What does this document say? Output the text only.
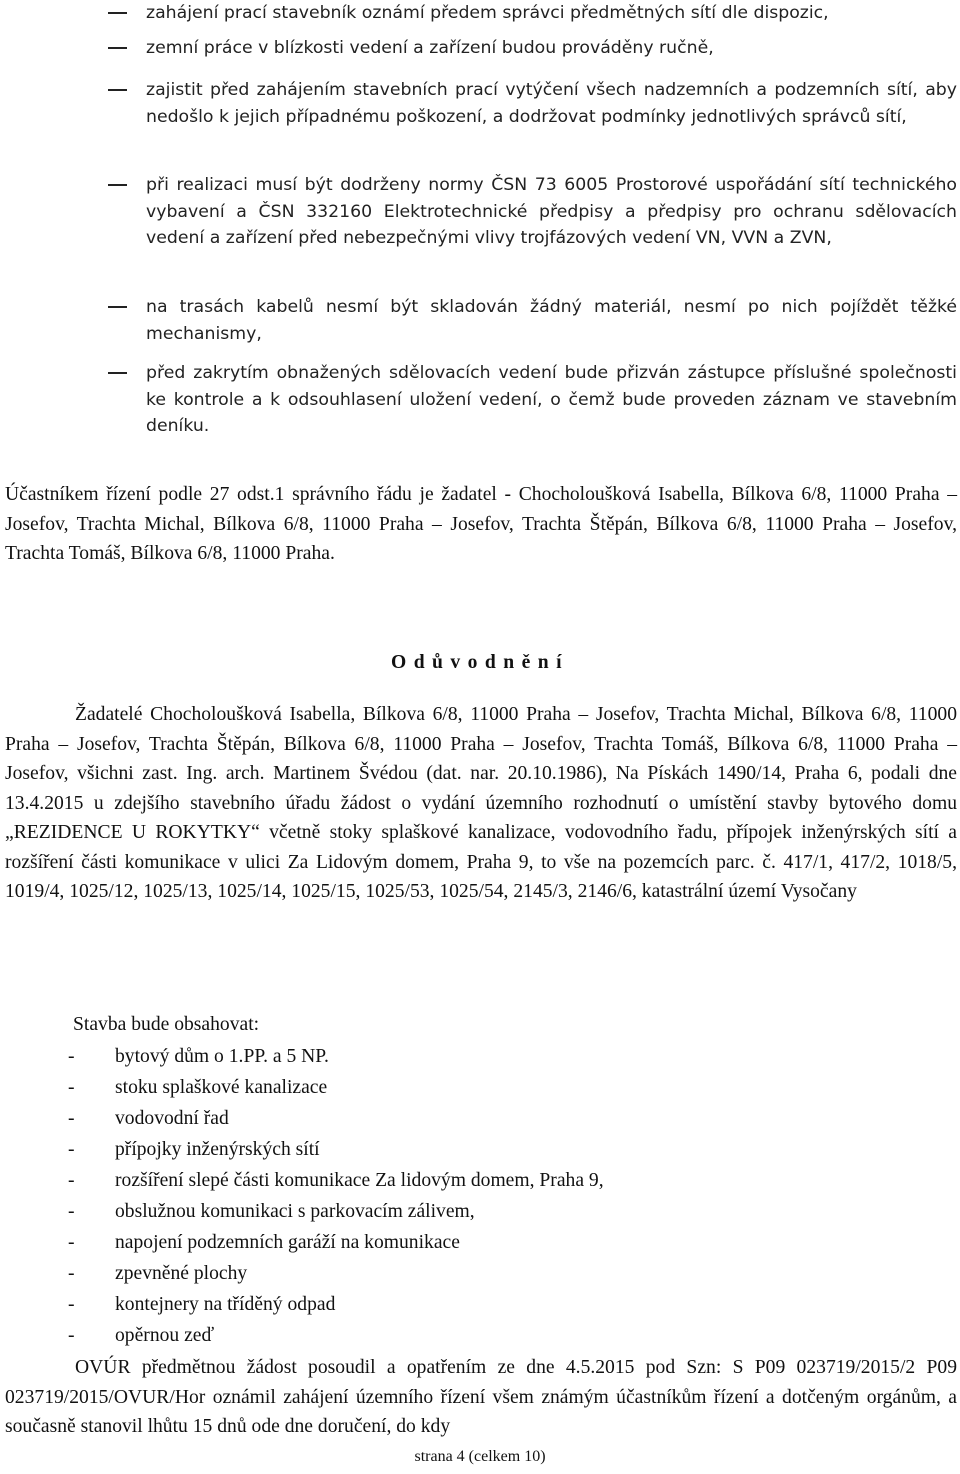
zahájení prací stavebník oznámí předem správci předmětných sítí dle dispozic,
zemní práce v blízkosti vedení a zařízení budou prováděny ručně,
zajistit před zahájením stavebních prací vytýčení všech nadzemních a podzemních sítí, aby nedošlo k jejich případnému poškození, a dodržovat podmínky jednotlivých správců sítí,
při realizaci musí být dodrženy normy ČSN 73 6005 Prostorové uspořádání sítí technického vybavení a ČSN 332160 Elektrotechnické předpisy a předpisy pro ochranu sdělovacích vedení a zařízení před nebezpečnými vlivy trojfázových vedení VN, VVN a ZVN,
na trasách kabelů nesmí být skladován žádný materiál, nesmí po nich pojíždět těžké mechanismy,
před zakrytím obnažených sdělovacích vedení bude přizván zástupce příslušné společnosti ke kontrole a k odsouhlasení uložení vedení, o čemž bude proveden záznam ve stavebním deníku.

Účastníkem řízení podle 27 odst.1 správního řádu je žadatel - Chocholoušková Isabella, Bílkova 6/8, 11000 Praha – Josefov, Trachta Michal, Bílkova 6/8, 11000 Praha – Josefov, Trachta Štěpán, Bílkova 6/8, 11000 Praha – Josefov, Trachta Tomáš, Bílkova 6/8, 11000 Praha.

Odůvodnění

Žadatelé Chocholoušková Isabella, Bílkova 6/8, 11000 Praha – Josefov, Trachta Michal, Bílkova 6/8, 11000 Praha – Josefov, Trachta Štěpán, Bílkova 6/8, 11000 Praha – Josefov, Trachta Tomáš, Bílkova 6/8, 11000 Praha – Josefov, všichni zast. Ing. arch. Martinem Švédou (dat. nar. 20.10.1986), Na Pískách 1490/14, Praha 6, podali dne 13.4.2015 u zdejšího stavebního úřadu žádost o vydání územního rozhodnutí o umístění stavby bytového domu „REZIDENCE U ROKYTKY“ včetně stoky splaškové kanalizace, vodovodního řadu, přípojek inženýrských sítí a rozšíření části komunikace v ulici Za Lidovým domem, Praha 9, to vše na pozemcích parc. č. 417/1, 417/2, 1018/5, 1019/4, 1025/12, 1025/13, 1025/14, 1025/15, 1025/53, 1025/54, 2145/3, 2146/6, katastrální území Vysočany

Stavba bude obsahovat:

- bytový dům o 1.PP. a 5 NP.
- stoku splaškové kanalizace
- vodovodní řad
- přípojky inženýrských sítí
- rozšíření slepé části komunikace Za lidovým domem, Praha 9,
- obslužnou komunikaci s parkovacím zálivem,
- napojení podzemních garáží na komunikace
- zpevněné plochy
- kontejnery na tříděný odpad
- opěrnou zeď

OVÚR předmětnou žádost posoudil a opatřením ze dne 4.5.2015 pod Szn: S P09 023719/2015/2 P09 023719/2015/OVUR/Hor oznámil zahájení územního řízení všem známým účastníkům řízení a dotčeným orgánům, a současně stanovil lhůtu 15 dnů ode dne doručení, do kdy

strana 4 (celkem 10)
